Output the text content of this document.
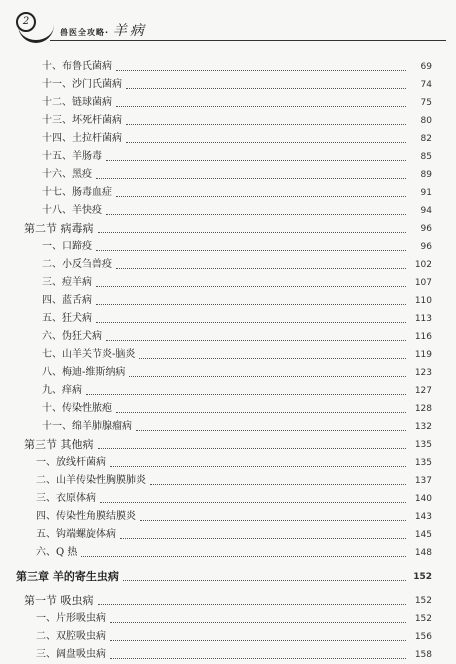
2
兽医全攻略· 羊病
十、布鲁氏菌病	69
十一、沙门氏菌病	74
十二、链球菌病	75
十三、坏死杆菌病	80
十四、土拉杆菌病	82
十五、羊肠毒	85
十六、黑疫	89
十七、肠毒血症	91
十八、羊快疫	94
第二节 病毒病	96
一、口蹄疫	96
二、小反刍兽疫	102
三、痘羊病	107
四、蓝舌病	110
五、狂犬病	113
六、伪狂犬病	116
七、山羊关节炎-脑炎	119
八、梅迪-维斯纳病	123
九、痒病	127
十、传染性脓疱	128
十一、绵羊肺腺瘤病	132
第三节 其他病	135
一、放线杆菌病	135
二、山羊传染性胸膜肺炎	137
三、衣原体病	140
四、传染性角膜结膜炎	143
五、钩端螺旋体病	145
六、Q 热	148
第三章 羊的寄生虫病	152
第一节 吸虫病	152
一、片形吸虫病	152
二、双腔吸虫病	156
三、阔盘吸虫病	158
